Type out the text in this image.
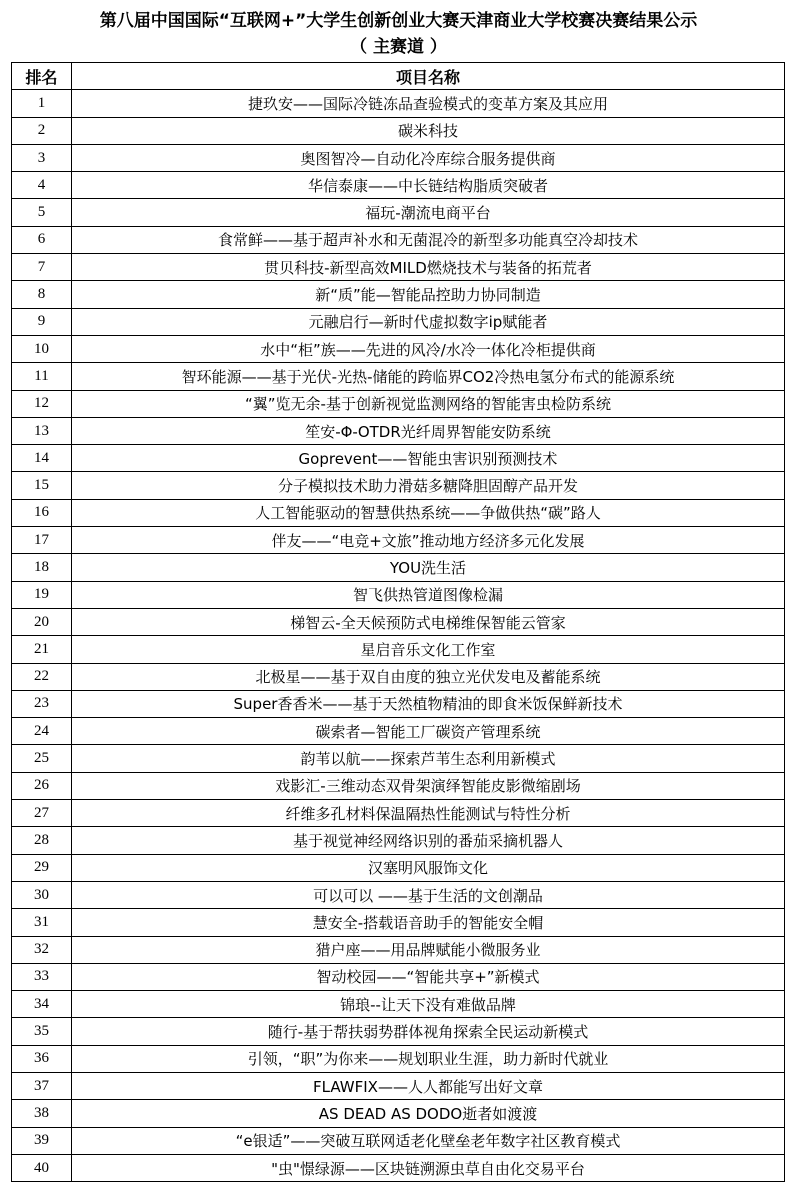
第八届中国国际“互联网+”大学生创新创业大赛天津商业大学校赛决赛结果公示
（ 主赛道 ）
排名	项目名称
1	捷玖安——国际冷链冻品查验模式的变革方案及其应用
2	碳米科技
3	奥图智冷—自动化冷库综合服务提供商
4	华信泰康——中长链结构脂质突破者
5	福玩-潮流电商平台
6	食常鲜——基于超声补水和无菌混冷的新型多功能真空冷却技术
7	贯贝科技-新型高效MILD燃烧技术与装备的拓荒者
8	新“质”能—智能品控助力协同制造
9	元融启行—新时代虚拟数字ip赋能者
10	水中“柜”族——先进的风冷/水冷一体化冷柜提供商
11	智环能源——基于光伏-光热-储能的跨临界CO2冷热电氢分布式的能源系统
12	“翼”览无余-基于创新视觉监测网络的智能害虫检防系统
13	笙安-Φ-OTDR光纤周界智能安防系统
14	Goprevent——智能虫害识别预测技术
15	分子模拟技术助力滑菇多糖降胆固醇产品开发
16	人工智能驱动的智慧供热系统——争做供热“碳”路人
17	伴友——“电竞+文旅”推动地方经济多元化发展
18	YOU洗生活
19	智飞供热管道图像检漏
20	梯智云-全天候预防式电梯维保智能云管家
21	星启音乐文化工作室
22	北极星——基于双自由度的独立光伏发电及蓄能系统
23	Super香香米——基于天然植物精油的即食米饭保鲜新技术
24	碳索者—智能工厂碳资产管理系统
25	韵苇以航——探索芦苇生态利用新模式
26	戏影汇-三维动态双骨架演绎智能皮影微缩剧场
27	纤维多孔材料保温隔热性能测试与特性分析
28	基于视觉神经网络识别的番茄采摘机器人
29	汉塞明风服饰文化
30	可以可以 ——基于生活的文创潮品
31	慧安全-搭载语音助手的智能安全帽
32	猎户座——用品牌赋能小微服务业
33	智动校园——“智能共享+”新模式
34	锦琅--让天下没有难做品牌
35	随行-基于帮扶弱势群体视角探索全民运动新模式
36	引领，“职”为你来——规划职业生涯，助力新时代就业
37	FLAWFIX——人人都能写出好文章
38	AS DEAD AS DODO逝者如渡渡
39	“e银适”——突破互联网适老化壁垒老年数字社区教育模式
40	"虫"憬绿源——区块链溯源虫草自由化交易平台
